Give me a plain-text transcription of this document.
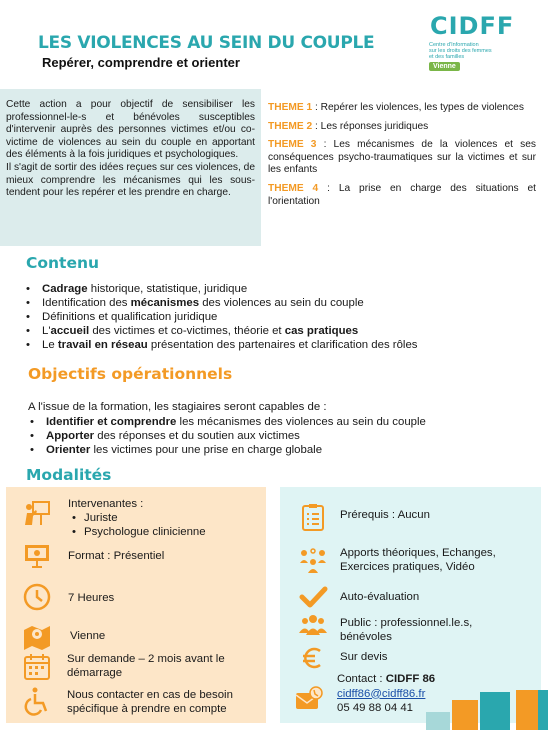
LES VIOLENCES AU SEIN DU COUPLE
Repérer, comprendre et orienter
CIDFF
Centre d'Information
sur les droits des femmes
et des familles
Vienne

Cette action a pour objectif de sensibiliser les professionnel-le-s et bénévoles susceptibles d'intervenir auprès des personnes victimes et/ou co-victime de violences au sein du couple en apportant des éléments à la fois juridiques et psychologiques.

Il s'agit de sortir des idées reçues sur ces violences, de mieux comprendre les mécanismes qui les sous-tendent pour les repérer et les prendre en charge.

THEME 1 : Repérer les violences, les types de violences
THEME 2 : Les réponses juridiques
THEME 3 : Les mécanismes de la violences et ses conséquences psycho-traumatiques sur la victimes et sur les enfants
THEME 4 : La prise en charge des situations et l'orientation
Contenu
• Cadrage historique, statistique, juridique
• Identification des mécanismes des violences au sein du couple
• Définitions et qualification juridique
• L'accueil des victimes et co-victimes, théorie et cas pratiques
• Le travail en réseau présentation des partenaires et clarification des rôles
Objectifs opérationnels
A l'issue de la formation, les stagiaires seront capables de :
• Identifier et comprendre les mécanismes des violences au sein du couple
• Apporter des réponses et du soutien aux victimes
• Orienter les victimes pour une prise en charge globale
Modalités
Intervenantes :
• Juriste
• Psychologue clinicienne
Format : Présentiel
7 Heures
Vienne
Sur demande – 2 mois avant le
démarrage
Nous contacter en cas de besoin
spécifique à prendre en compte
Prérequis : Aucun
Apports théoriques, Echanges,
Exercices pratiques, Vidéo
Auto-évaluation
Public : professionnel.le.s,
bénévoles
Sur devis
Contact : CIDFF 86
cidff86@cidff86.fr
05 49 88 04 41
